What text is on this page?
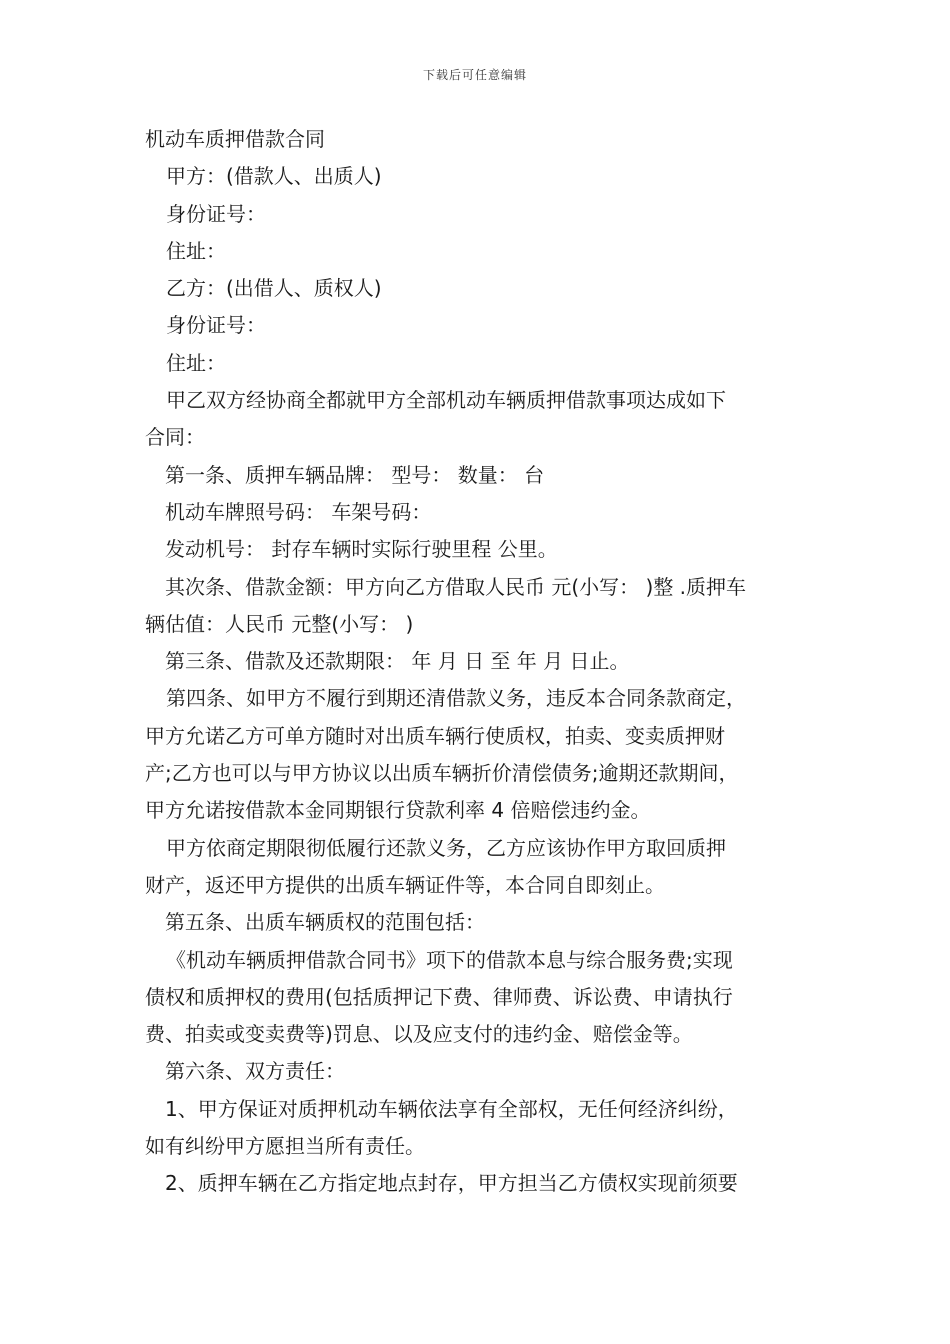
下载后可任意编辑
机动车质押借款合同
甲方：(借款人、出质人)
身份证号：
住址：
乙方：(出借人、质权人)
身份证号：
住址：
甲乙双方经协商全都就甲方全部机动车辆质押借款事项达成如下
合同：
第一条、质押车辆品牌： 型号： 数量： 台
机动车牌照号码： 车架号码：
发动机号： 封存车辆时实际行驶里程 公里。
其次条、借款金额：甲方向乙方借取人民币 元(小写： )整 .质押车
辆估值：人民币 元整(小写： )
第三条、借款及还款期限： 年 月 日 至 年 月 日止。
第四条、如甲方不履行到期还清借款义务，违反本合同条款商定，
甲方允诺乙方可单方随时对出质车辆行使质权，拍卖、变卖质押财
产;乙方也可以与甲方协议以出质车辆折价清偿债务;逾期还款期间，
甲方允诺按借款本金同期银行贷款利率 4 倍赔偿违约金。
甲方依商定期限彻低履行还款义务，乙方应该协作甲方取回质押
财产，返还甲方提供的出质车辆证件等，本合同自即刻止。
第五条、出质车辆质权的范围包括：
《机动车辆质押借款合同书》项下的借款本息与综合服务费;实现
债权和质押权的费用(包括质押记下费、律师费、诉讼费、申请执行
费、拍卖或变卖费等)罚息、以及应支付的违约金、赔偿金等。
第六条、双方责任：
1、甲方保证对质押机动车辆依法享有全部权，无任何经济纠纷，
如有纠纷甲方愿担当所有责任。
2、质押车辆在乙方指定地点封存，甲方担当乙方债权实现前须要
